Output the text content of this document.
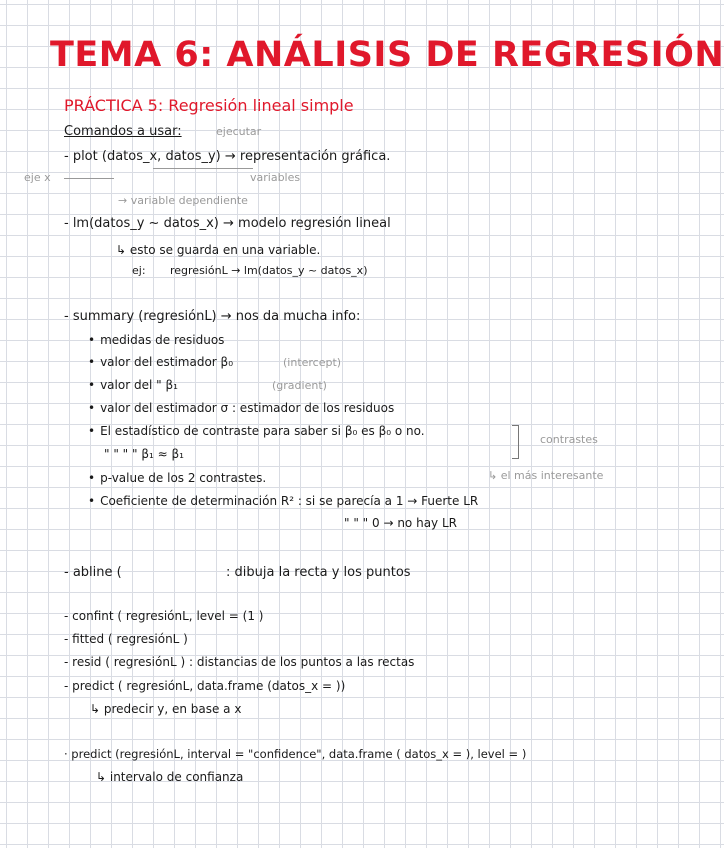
TEMA 6: ANÁLISIS DE REGRESIÓN
PRÁCTICA 5: Regresión lineal simple
Comandos a usar:	ejecutar
- plot (datos_x, datos_y) → representación gráfica.
eje x	variables
→ variable dependiente
- lm(datos_y ~ datos_x) → modelo regresión lineal
↳ esto se guarda en una variable.
ej: regresiónL → lm(datos_y ~ datos_x)
- summary (regresiónL) → nos da mucha info:
• medidas de residuos
• valor del estimador β₀	(intercept)
• valor del " β₁	(gradient)
• valor del estimador σ : estimador de los residuos
• El estadístico de contraste para saber si β₀ es β₀ o no.
contrastes
" " " " β₁ ≈ β₁
↳ el más interesante
• p-value de los 2 contrastes.
• Coeficiente de determinación R² : si se parecía a 1 → Fuerte LR
" " " 0 → no hay LR
- abline (	: dibuja la recta y los puntos
- confint ( regresiónL, level = (1 )
- fitted ( regresiónL )
- resid ( regresiónL ) : distancias de los puntos a las rectas
- predict ( regresiónL, data.frame (datos_x = ))
↳ predecir y, en base a x
· predict (regresiónL, interval = "confidence", data.frame ( datos_x = ), level = )
↳ intervalo de confianza
